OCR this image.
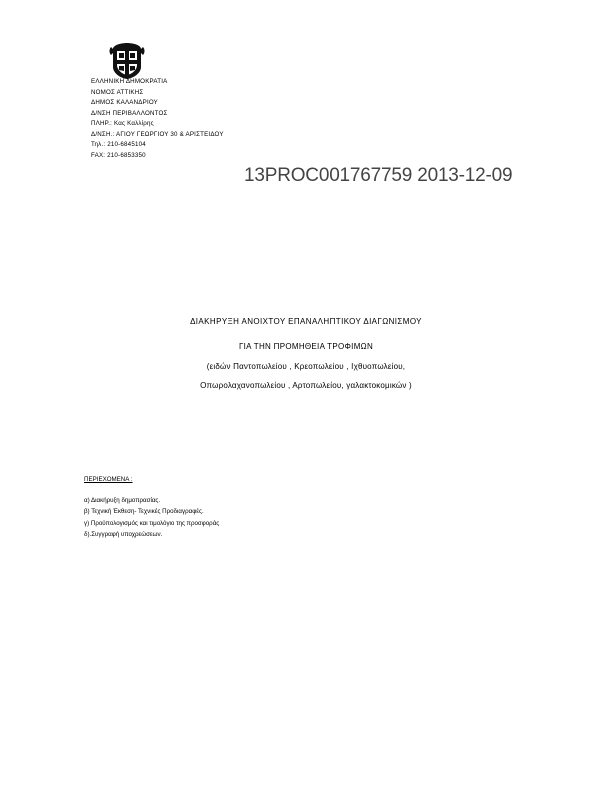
ΕΛΛΗΝΙΚΗ ΔΗΜΟΚΡΑΤΙΑ
ΝΟΜΟΣ ΑΤΤΙΚΗΣ
ΔΗΜΟΣ ΚΑΛΑΝΔΡΙΟΥ
Δ/ΝΣΗ ΠΕΡΙΒΑΛΛΟΝΤΟΣ
ΠΛΗΡ.: Κας Καλλίρης
Δ/ΝΣΗ.: ΑΓΙΟΥ ΓΕΩΡΓΙΟΥ 30 & ΑΡΙΣΤΕΙΔΟΥ
Τηλ.: 210-6845104
FAX: 210-6853350
13PROC001767759 2013-12-09
ΔΙΑΚΗΡΥΞΗ ΑΝΟΙΧΤΟΥ ΕΠΑΝΑΛΗΠΤΙΚΟΥ ΔΙΑΓΩΝΙΣΜΟΥ
ΓΙΑ ΤΗΝ ΠΡΟΜΗΘΕΙΑ ΤΡΟΦΙΜΩΝ
(ειδών Παντοπωλείου , Κρεοπωλείου , Ιχθυοπωλείου,
Οπωρολαχανοπωλείου , Αρτοπωλείου, γαλακτοκομικών )
ΠΕΡΙΕΧΟΜΕΝΑ :
α) Διακήρυξη δημοπρασίας.
β) Τεχνική Έκθεση- Τεχνικές Προδιαγραφές.
γ) Προϋπολογισμός και τιμολόγιο της προσφοράς
δ).Συγγραφή υποχρεώσεων.
